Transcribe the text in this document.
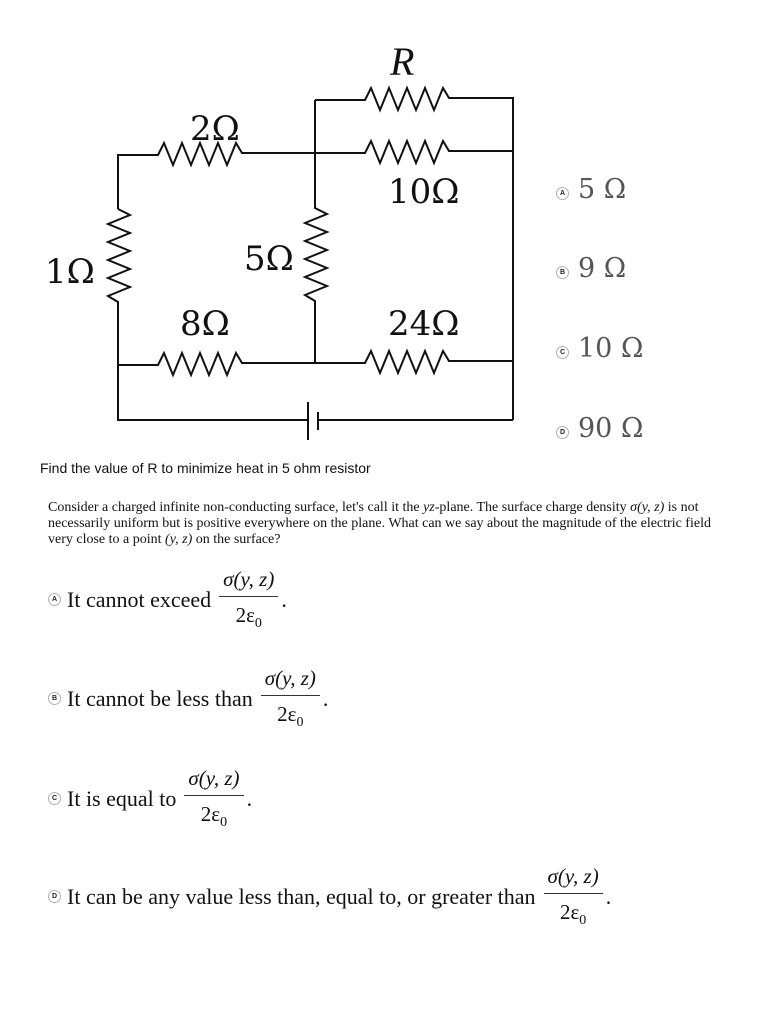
R
2Ω
10Ω
1Ω	5Ω
8Ω	24Ω
A 5 Ω
B 9 Ω
C 10 Ω
D 90 Ω
Find the value of R to minimize heat in 5 ohm resistor
Consider a charged infinite non-conducting surface, let's call it the yz-plane. The surface charge density σ(y, z) is not necessarily uniform but is positive everywhere on the plane. What can we say about the magnitude of the electric field very close to a point (y, z) on the surface?
A It cannot exceed $\frac{\sigma(y, z)}{2\varepsilon_0}$ .
B It cannot be less than $\frac{\sigma(y, z)}{2\varepsilon_0}$ .
C It is equal to $\frac{\sigma(y, z)}{2\varepsilon_0}$ .
D It can be any value less than, equal to, or greater than $\frac{\sigma(y, z)}{2\varepsilon_0}$ .
